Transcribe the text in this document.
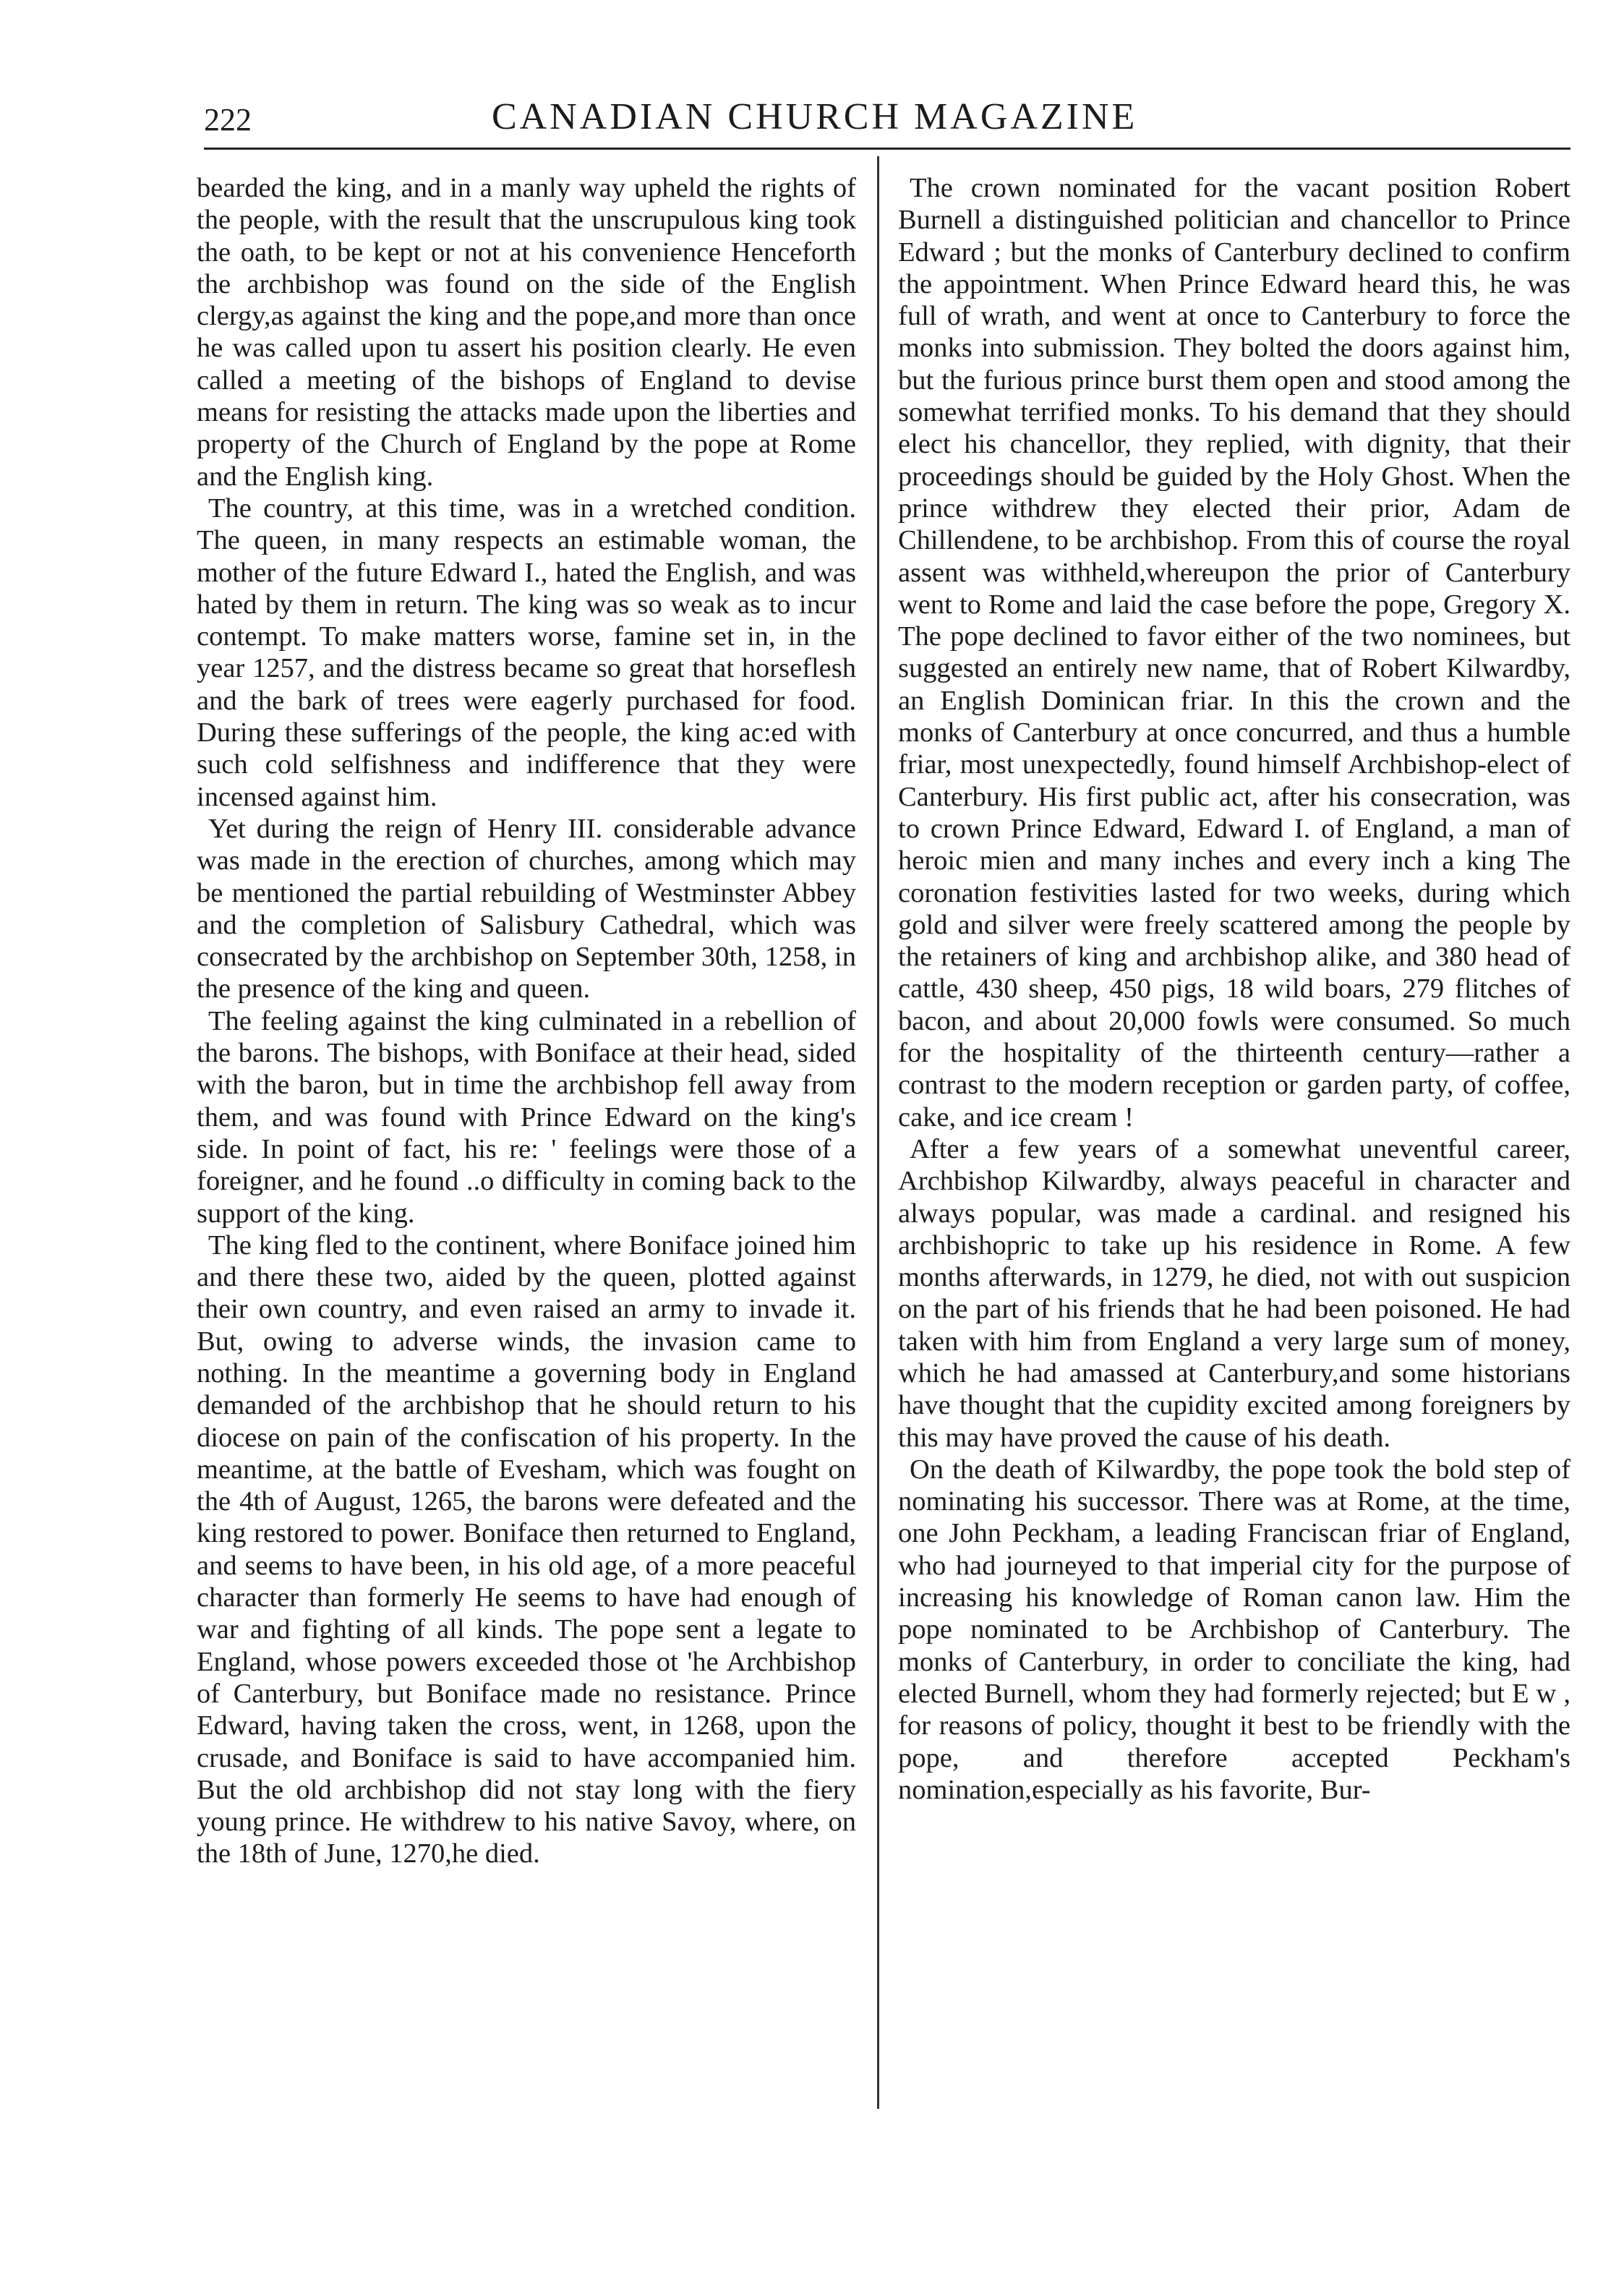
222	CANADIAN CHURCH MAGAZINE

bearded the king, and in a manly way upheld the rights of the people, with the result that the unscrupulous king took the oath, to be kept or not at his convenience Henceforth the archbishop was found on the side of the English clergy,as against the king and the pope,and more than once he was called upon tu assert his position clearly. He even called a meeting of the bishops of England to devise means for resisting the attacks made upon the liberties and property of the Church of England by the pope at Rome and the English king.

The country, at this time, was in a wretched condition. The queen, in many respects an estimable woman, the mother of the future Edward I., hated the English, and was hated by them in return. The king was so weak as to incur contempt. To make matters worse, famine set in, in the year 1257, and the distress became so great that horseflesh and the bark of trees were eagerly purchased for food. During these sufferings of the people, the king ac:ed with such cold selfishness and indifference that they were incensed against him.

Yet during the reign of Henry III. considerable advance was made in the erection of churches, among which may be mentioned the partial rebuilding of Westminster Abbey and the completion of Salisbury Cathedral, which was consecrated by the archbishop on September 30th, 1258, in the presence of the king and queen.

The feeling against the king culminated in a rebellion of the barons. The bishops, with Boniface at their head, sided with the baron, but in time the archbishop fell away from them, and was found with Prince Edward on the king's side. In point of fact, his re: ' feelings were those of a foreigner, and he found ..o difficulty in coming back to the support of the king.

The king fled to the continent, where Boniface joined him and there these two, aided by the queen, plotted against their own country, and even raised an army to invade it. But, owing to adverse winds, the invasion came to nothing. In the meantime a governing body in England demanded of the archbishop that he should return to his diocese on pain of the confiscation of his property. In the meantime, at the battle of Evesham, which was fought on the 4th of August, 1265, the barons were defeated and the king restored to power. Boniface then returned to England, and seems to have been, in his old age, of a more peaceful character than formerly He seems to have had enough of war and fighting of all kinds. The pope sent a legate to England, whose powers exceeded those ot 'he Archbishop of Canterbury, but Boniface made no resistance. Prince Edward, having taken the cross, went, in 1268, upon the crusade, and Boniface is said to have accompanied him. But the old archbishop did not stay long with the fiery young prince. He withdrew to his native Savoy, where, on the 18th of June, 1270,he died.

The crown nominated for the vacant position Robert Burnell a distinguished politician and chancellor to Prince Edward ; but the monks of Canterbury declined to confirm the appointment. When Prince Edward heard this, he was full of wrath, and went at once to Canterbury to force the monks into submission. They bolted the doors against him, but the furious prince burst them open and stood among the somewhat terrified monks. To his demand that they should elect his chancellor, they replied, with dignity, that their proceedings should be guided by the Holy Ghost. When the prince withdrew they elected their prior, Adam de Chillendene, to be archbishop. From this of course the royal assent was withheld,whereupon the prior of Canterbury went to Rome and laid the case before the pope, Gregory X. The pope declined to favor either of the two nominees, but suggested an entirely new name, that of Robert Kilwardby, an English Dominican friar. In this the crown and the monks of Canterbury at once concurred, and thus a humble friar, most unexpectedly, found himself Archbishop-elect of Canterbury. His first public act, after his consecration, was to crown Prince Edward, Edward I. of England, a man of heroic mien and many inches and every inch a king The coronation festivities lasted for two weeks, during which gold and silver were freely scattered among the people by the retainers of king and archbishop alike, and 380 head of cattle, 430 sheep, 450 pigs, 18 wild boars, 279 flitches of bacon, and about 20,000 fowls were consumed. So much for the hospitality of the thirteenth century—rather a contrast to the modern reception or garden party, of coffee, cake, and ice cream !

After a few years of a somewhat uneventful career, Archbishop Kilwardby, always peaceful in character and always popular, was made a cardinal. and resigned his archbishopric to take up his residence in Rome. A few months afterwards, in 1279, he died, not with out suspicion on the part of his friends that he had been poisoned. He had taken with him from England a very large sum of money, which he had amassed at Canterbury,and some historians have thought that the cupidity excited among foreigners by this may have proved the cause of his death.

On the death of Kilwardby, the pope took the bold step of nominating his successor. There was at Rome, at the time, one John Peckham, a leading Franciscan friar of England, who had journeyed to that imperial city for the purpose of increasing his knowledge of Roman canon law. Him the pope nominated to be Archbishop of Canterbury. The monks of Canterbury, in order to conciliate the king, had elected Burnell, whom they had formerly rejected; but E w , for reasons of policy, thought it best to be friendly with the pope, and therefore accepted Peckham's nomination,especially as his favorite, Bur-
